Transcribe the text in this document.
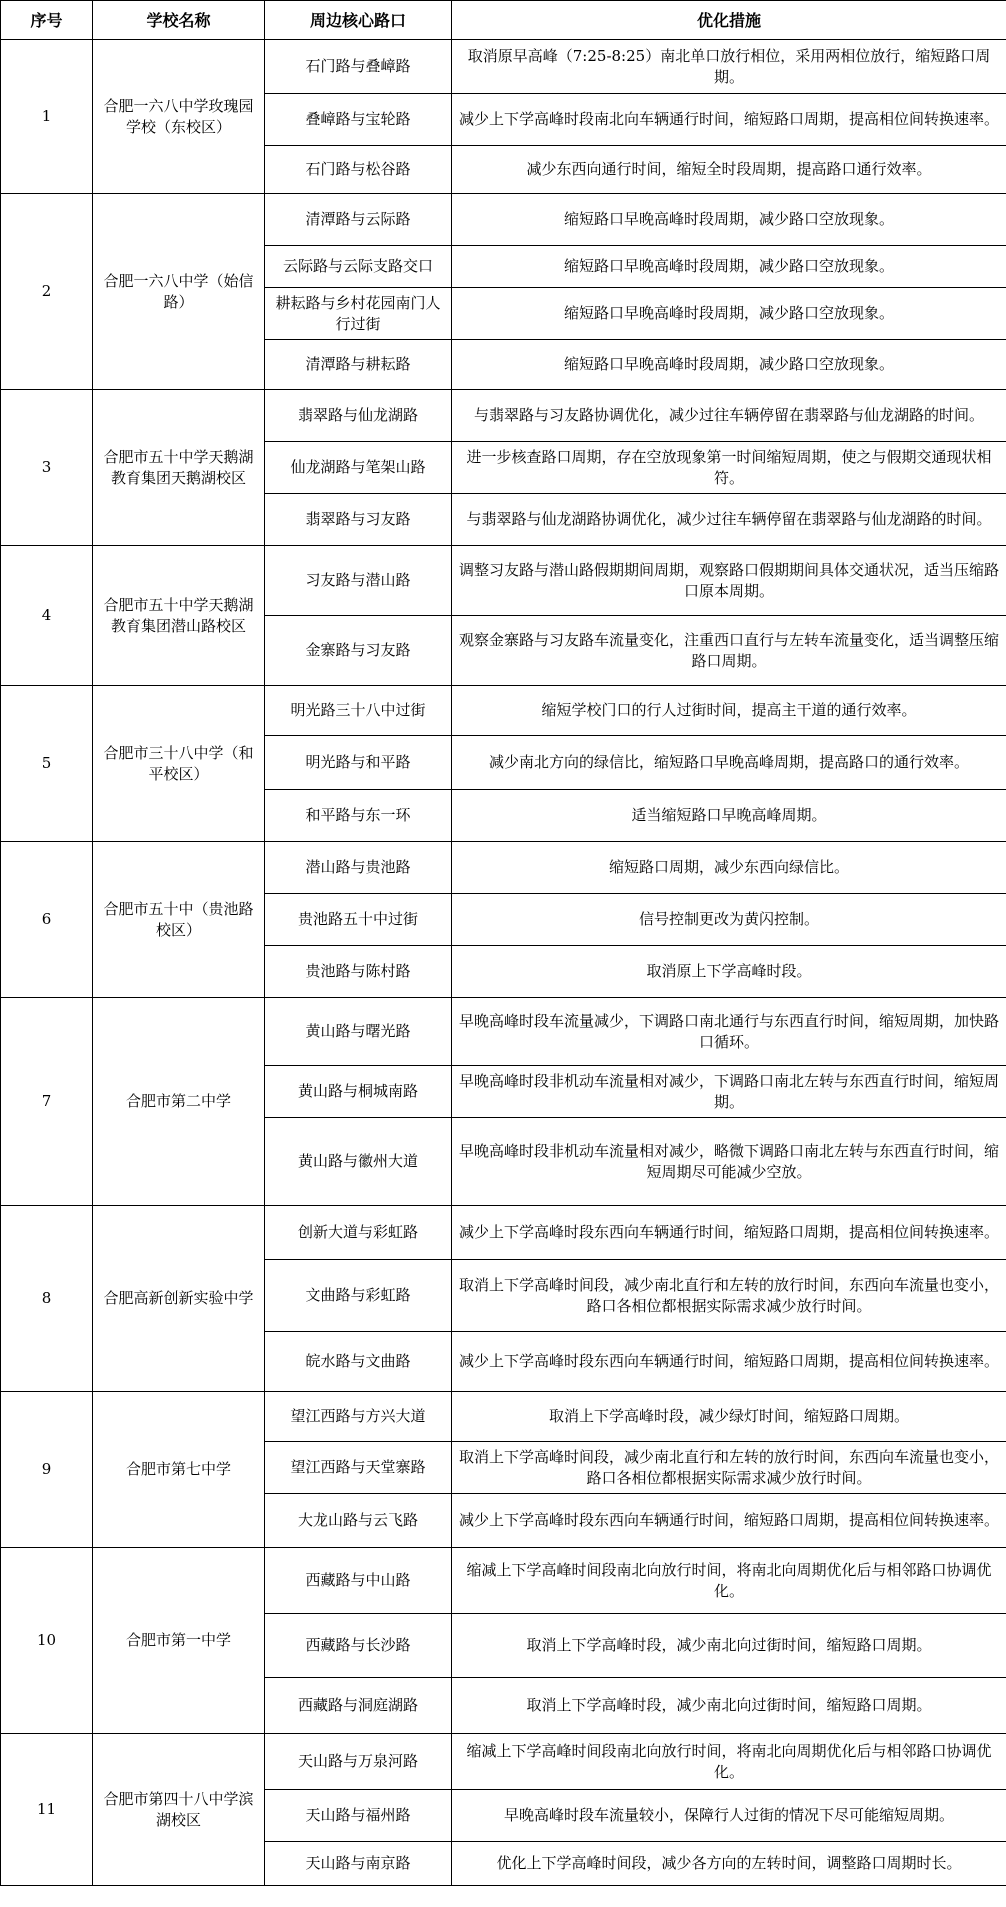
序号	学校名称	周边核心路口	优化措施
1	合肥一六八中学玫瑰园学校（东校区）	石门路与叠嶂路	取消原早高峰（7:25-8:25）南北单口放行相位，采用两相位放行，缩短路口周期。
		叠嶂路与宝轮路	减少上下学高峰时段南北向车辆通行时间，缩短路口周期，提高相位间转换速率。
		石门路与松谷路	减少东西向通行时间，缩短全时段周期，提高路口通行效率。
2	合肥一六八中学（始信路）	清潭路与云际路	缩短路口早晚高峰时段周期，减少路口空放现象。
		云际路与云际支路交口	缩短路口早晚高峰时段周期，减少路口空放现象。
		耕耘路与乡村花园南门人行过街	缩短路口早晚高峰时段周期，减少路口空放现象。
		清潭路与耕耘路	缩短路口早晚高峰时段周期，减少路口空放现象。
3	合肥市五十中学天鹅湖教育集团天鹅湖校区	翡翠路与仙龙湖路	与翡翠路与习友路协调优化，减少过往车辆停留在翡翠路与仙龙湖路的时间。
		仙龙湖路与笔架山路	进一步核查路口周期，存在空放现象第一时间缩短周期，使之与假期交通现状相符。
		翡翠路与习友路	与翡翠路与仙龙湖路协调优化，减少过往车辆停留在翡翠路与仙龙湖路的时间。
4	合肥市五十中学天鹅湖教育集团潜山路校区	习友路与潜山路	调整习友路与潜山路假期期间周期，观察路口假期期间具体交通状况，适当压缩路口原本周期。
		金寨路与习友路	观察金寨路与习友路车流量变化，注重西口直行与左转车流量变化，适当调整压缩路口周期。
5	合肥市三十八中学（和平校区）	明光路三十八中过街	缩短学校门口的行人过街时间，提高主干道的通行效率。
		明光路与和平路	减少南北方向的绿信比，缩短路口早晚高峰周期，提高路口的通行效率。
		和平路与东一环	适当缩短路口早晚高峰周期。
6	合肥市五十中（贵池路校区）	潜山路与贵池路	缩短路口周期，减少东西向绿信比。
		贵池路五十中过街	信号控制更改为黄闪控制。
		贵池路与陈村路	取消原上下学高峰时段。
7	合肥市第二中学	黄山路与曙光路	早晚高峰时段车流量减少，下调路口南北通行与东西直行时间，缩短周期，加快路口循环。
		黄山路与桐城南路	早晚高峰时段非机动车流量相对减少，下调路口南北左转与东西直行时间，缩短周期。
		黄山路与徽州大道	早晚高峰时段非机动车流量相对减少，略微下调路口南北左转与东西直行时间，缩短周期尽可能减少空放。
8	合肥高新创新实验中学	创新大道与彩虹路	减少上下学高峰时段东西向车辆通行时间，缩短路口周期，提高相位间转换速率。
		文曲路与彩虹路	取消上下学高峰时间段，减少南北直行和左转的放行时间，东西向车流量也变小，路口各相位都根据实际需求减少放行时间。
		皖水路与文曲路	减少上下学高峰时段东西向车辆通行时间，缩短路口周期，提高相位间转换速率。
9	合肥市第七中学	望江西路与方兴大道	取消上下学高峰时段，减少绿灯时间，缩短路口周期。
		望江西路与天堂寨路	取消上下学高峰时间段，减少南北直行和左转的放行时间，东西向车流量也变小，路口各相位都根据实际需求减少放行时间。
		大龙山路与云飞路	减少上下学高峰时段东西向车辆通行时间，缩短路口周期，提高相位间转换速率。
10	合肥市第一中学	西藏路与中山路	缩减上下学高峰时间段南北向放行时间，将南北向周期优化后与相邻路口协调优化。
		西藏路与长沙路	取消上下学高峰时段，减少南北向过街时间，缩短路口周期。
		西藏路与洞庭湖路	取消上下学高峰时段，减少南北向过街时间，缩短路口周期。
11	合肥市第四十八中学滨湖校区	天山路与万泉河路	缩减上下学高峰时间段南北向放行时间，将南北向周期优化后与相邻路口协调优化。
		天山路与福州路	早晚高峰时段车流量较小，保障行人过街的情况下尽可能缩短周期。
		天山路与南京路	优化上下学高峰时间段，减少各方向的左转时间，调整路口周期时长。
